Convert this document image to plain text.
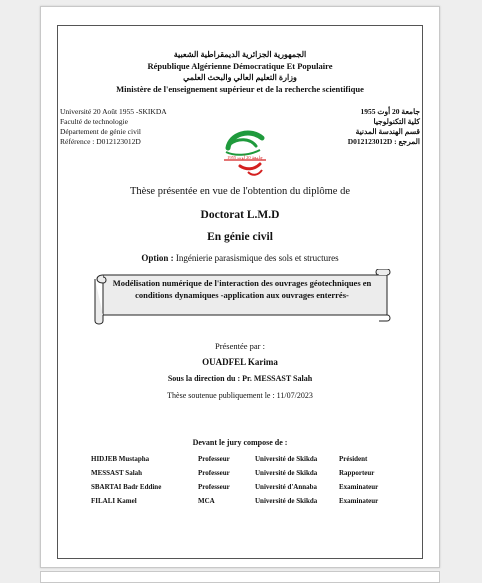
الجمهورية الجزائرية الديمقراطية الشعبية
République Algérienne Démocratique Et Populaire
وزارة التعليم العالي والبحث العلمي
Ministère de l'enseignement supérieur et de la recherche scientifique
Université 20 Août 1955 -SKIKDA
Faculté de technologie
Département de génie civil
Référence : D012123012D
جامعة 20 أوت 1955
كلية التكنولوجيا
قسم الهندسة المدنية
المرجع : D012123012D
جامعة 20 أوت 1955
Thèse présentée en vue de l'obtention du diplôme de
Doctorat L.M.D
En génie civil
Option : Ingénierie parasismique des sols et structures
Modélisation numérique de l'interaction des ouvrages géotechniques en conditions dynamiques -application aux ouvrages enterrés-
Présentée par :
OUADFEL Karima
Sous la direction du : Pr. MESSAST Salah
Thèse soutenue publiquement le : 11/07/2023
Devant le jury compose de :
HIDJEB Mustapha	Professeur	Université de Skikda	Président
MESSAST Salah	Professeur	Université de Skikda	Rapporteur
SBARTAI Badr Eddine	Professeur	Université d'Annaba	Examinateur
FILALI Kamel	MCA	Université de Skikda	Examinateur
